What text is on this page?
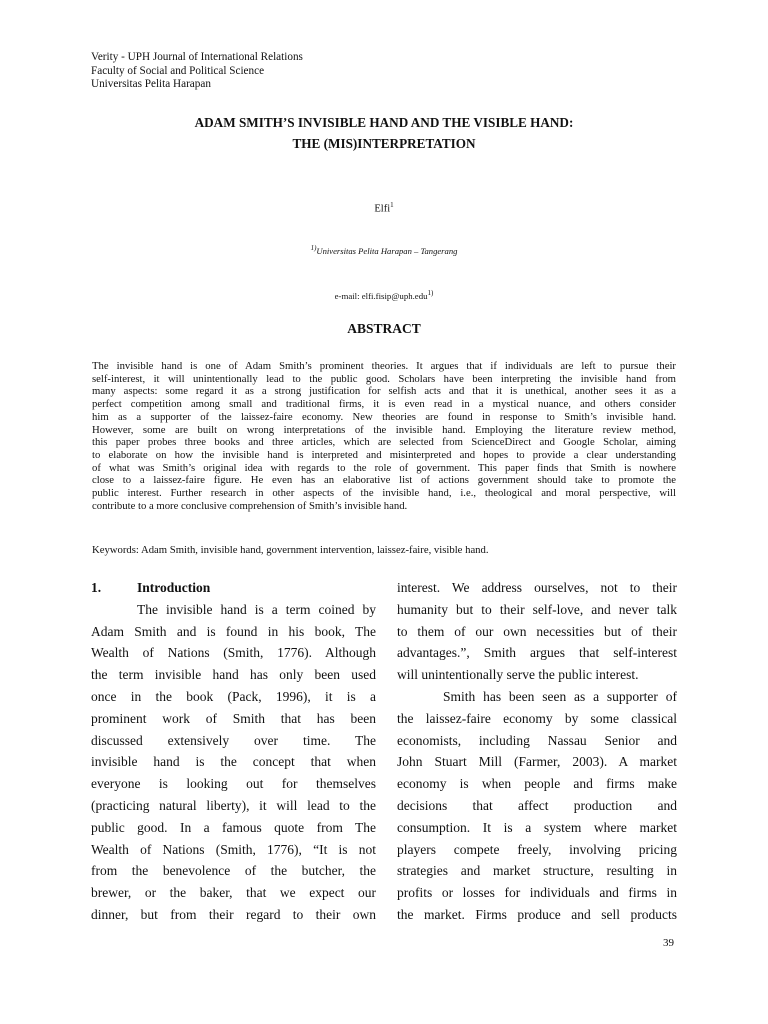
Verity - UPH Journal of International Relations
Faculty of Social and Political Science
Universitas Pelita Harapan
ADAM SMITH’S INVISIBLE HAND AND THE VISIBLE HAND:
THE (MIS)INTERPRETATION
Elfi$^1$
$^{1)}$Universitas Pelita Harapan – Tangerang
e-mail: elfi.fisip@uph.edu$^{1)}$
ABSTRACT
The invisible hand is one of Adam Smith’s prominent theories. It argues that if individuals are left to pursue their
self-interest, it will unintentionally lead to the public good. Scholars have been interpreting the invisible hand from
many aspects: some regard it as a strong justification for selfish acts and that it is unethical, another sees it as a
perfect competition among small and traditional firms, it is even read in a mystical nuance, and others consider
him as a supporter of the laissez-faire economy. New theories are found in response to Smith’s invisible hand.
However, some are built on wrong interpretations of the invisible hand. Employing the literature review method,
this paper probes three books and three articles, which are selected from ScienceDirect and Google Scholar, aiming
to elaborate on how the invisible hand is interpreted and misinterpreted and hopes to provide a clear understanding
of what was Smith’s original idea with regards to the role of government. This paper finds that Smith is nowhere
close to a laissez-faire figure. He even has an elaborative list of actions government should take to promote the
public interest. Further research in other aspects of the invisible hand, i.e., theological and moral perspective, will
contribute to a more conclusive comprehension of Smith’s invisible hand.
Keywords: Adam Smith, invisible hand, government intervention, laissez-faire, visible hand.
1.	Introduction
The invisible hand is a term coined by
Adam Smith and is found in his book, The
Wealth of Nations (Smith, 1776). Although
the term invisible hand has only been used
once in the book (Pack, 1996), it is a
prominent work of Smith that has been
discussed extensively over time. The
invisible hand is the concept that when
everyone is looking out for themselves
(practicing natural liberty), it will lead to the
public good. In a famous quote from The
Wealth of Nations (Smith, 1776), “It is not
from the benevolence of the butcher, the
brewer, or the baker, that we expect our
dinner, but from their regard to their own
interest. We address ourselves, not to their
humanity but to their self-love, and never talk
to them of our own necessities but of their
advantages.”, Smith argues that self-interest
will unintentionally serve the public interest.
Smith has been seen as a supporter of
the laissez-faire economy by some classical
economists, including Nassau Senior and
John Stuart Mill (Farmer, 2003). A market
economy is when people and firms make
decisions that affect production and
consumption. It is a system where market
players compete freely, involving pricing
strategies and market structure, resulting in
profits or losses for individuals and firms in
the market. Firms produce and sell products
39
